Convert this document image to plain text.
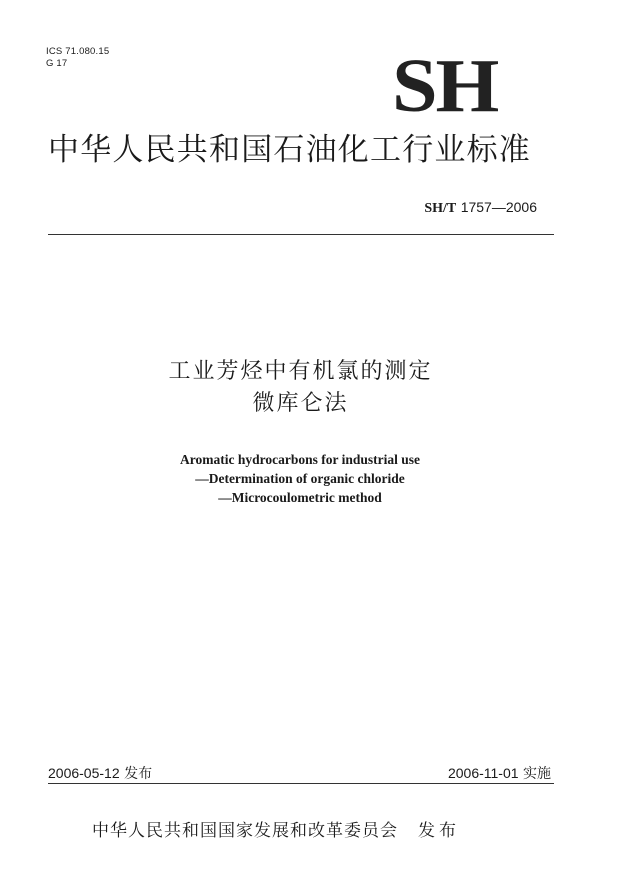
ICS 71.080.15
G 17	SH
中华人民共和国石油化工行业标准
SH/T 1757—2006
工业芳烃中有机氯的测定
微库仑法
Aromatic hydrocarbons for industrial use
—Determination of organic chloride
—Microcoulometric method
2006-05-12 发布	2006-11-01 实施
中华人民共和国国家发展和改革委员会 发布
